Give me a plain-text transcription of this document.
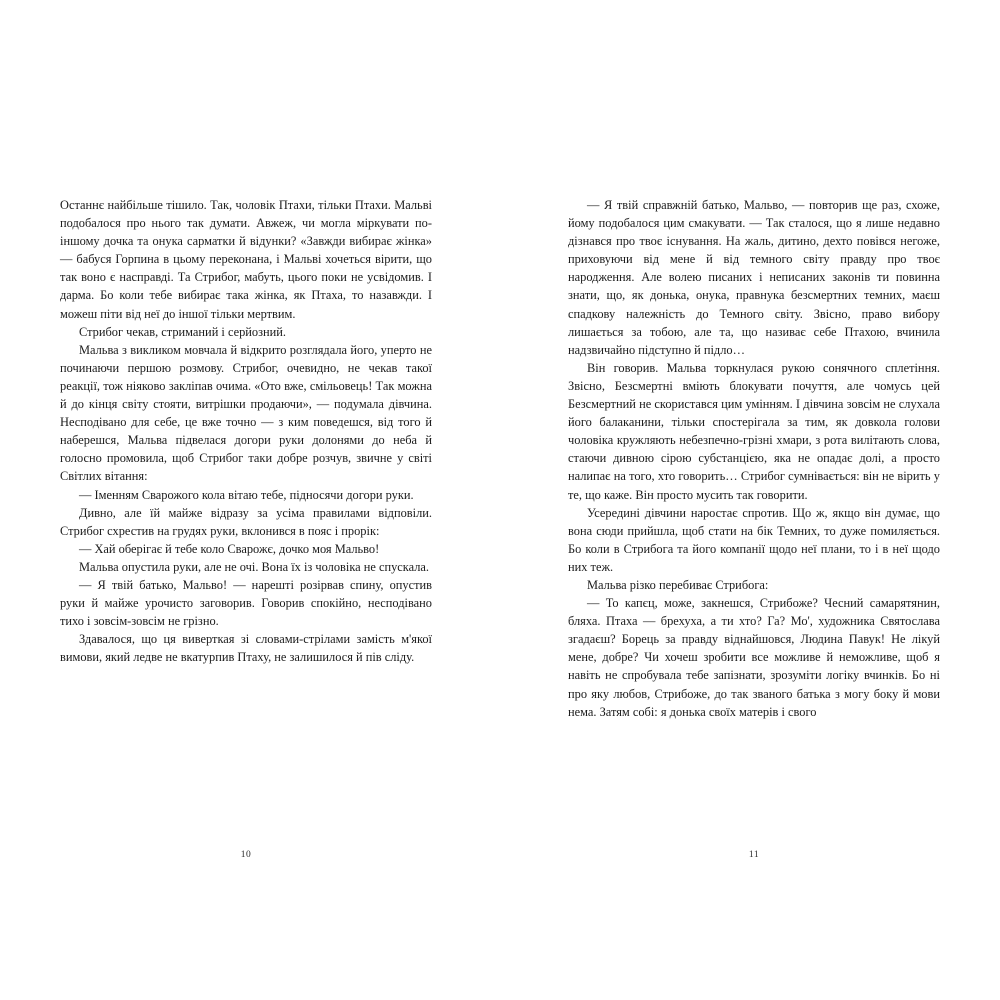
Останнє найбільше тішило. Так, чоловік Птахи, тільки Птахи. Мальві подобалося про нього так думати. Авжеж, чи могла міркувати по-іншому дочка та онука сарматки й відунки? «Завжди вибирає жінка» — бабуся Горпина в цьому переконана, і Мальві хочеться вірити, що так воно є насправді. Та Стрибог, мабуть, цього поки не усвідомив. І дарма. Бо коли тебе вибирає така жінка, як Птаха, то назавжди. І можеш піти від неї до іншої тільки мертвим.

Стрибог чекав, стриманий і серйозний.

Мальва з викликом мовчала й відкрито розглядала його, уперто не починаючи першою розмову. Стрибог, очевидно, не чекав такої реакції, тож ніяково закліпав очима. «Ото вже, смільовець! Так можна й до кінця світу стояти, витрішки продаючи», — подумала дівчина. Несподівано для себе, це вже точно — з ким поведешся, від того й наберешся, Мальва підвелася догори руки долонями до неба й голосно промовила, щоб Стрибог таки добре розчув, звичне у світі Світлих вітання:

— Іменням Сварожого кола вітаю тебе, підносячи догори руки.

Дивно, але їй майже відразу за усіма правилами відповіли. Стрибог схрестив на грудях руки, вклонився в пояс і прорік:

— Хай оберігає й тебе коло Сварожє, дочко моя Мальво!

Мальва опустила руки, але не очі. Вона їх із чоловіка не спускала.

— Я твій батько, Мальво! — нарешті розірвав спину, опустив руки й майже урочисто заговорив. Говорив спокійно, несподівано тихо і зовсім-зовсім не грізно.

Здавалося, що ця виверткая зі словами-стрілами замість м'якої вимови, який ледве не вкатурпив Птаху, не залишилося й пів сліду.

10

— Я твій справжній батько, Мальво, — повторив ще раз, схоже, йому подобалося цим смакувати. — Так сталося, що я лише недавно дізнався про твоє існування. На жаль, дитино, дехто повівся негоже, приховуючи від мене й від темного світу правду про твоє народження. Але волею писаних і неписаних законів ти повинна знати, що, як донька, онука, правнука безсмертних темних, маєш спадкову належність до Темного світу. Звісно, право вибору лишається за тобою, але та, що називає себе Птахою, вчинила надзвичайно підступно й підло…

Він говорив. Мальва торкнулася рукою сонячного сплетіння. Звісно, Безсмертні вміють блокувати почуття, але чомусь цей Безсмертний не скористався цим умінням. І дівчина зовсім не слухала його балаканини, тільки спостерігала за тим, як довкола голови чоловіка кружляють небезпечно-грізні хмари, з рота вилітають слова, стаючи дивною сірою субстанцією, яка не опадає долі, а просто налипає на того, хто говорить… Стрибог сумнівається: він не вірить у те, що каже. Він просто мусить так говорити.

Усередині дівчини наростає спротив. Що ж, якщо він думає, що вона сюди прийшла, щоб стати на бік Темних, то дуже помиляється. Бо коли в Стрибога та його компанії щодо неї плани, то і в неї щодо них теж.

Мальва різко перебиває Стрибога:

— То капєц, може, закнешся, Стрибоже? Чесний самарятянин, бляха. Птаха — брехуха, а ти хто? Га? Мо', художника Святослава згадаєш? Борець за правду віднайшовся, Людина Павук! Не лікуй мене, добре? Чи хочеш зробити все можливе й неможливе, щоб я навіть не спробувала тебе запізнати, зрозуміти логіку вчинків. Бо ні про яку любов, Стрибоже, до так званого батька з могу боку й мови нема. Затям собі: я донька своїх матерів і свого

11
